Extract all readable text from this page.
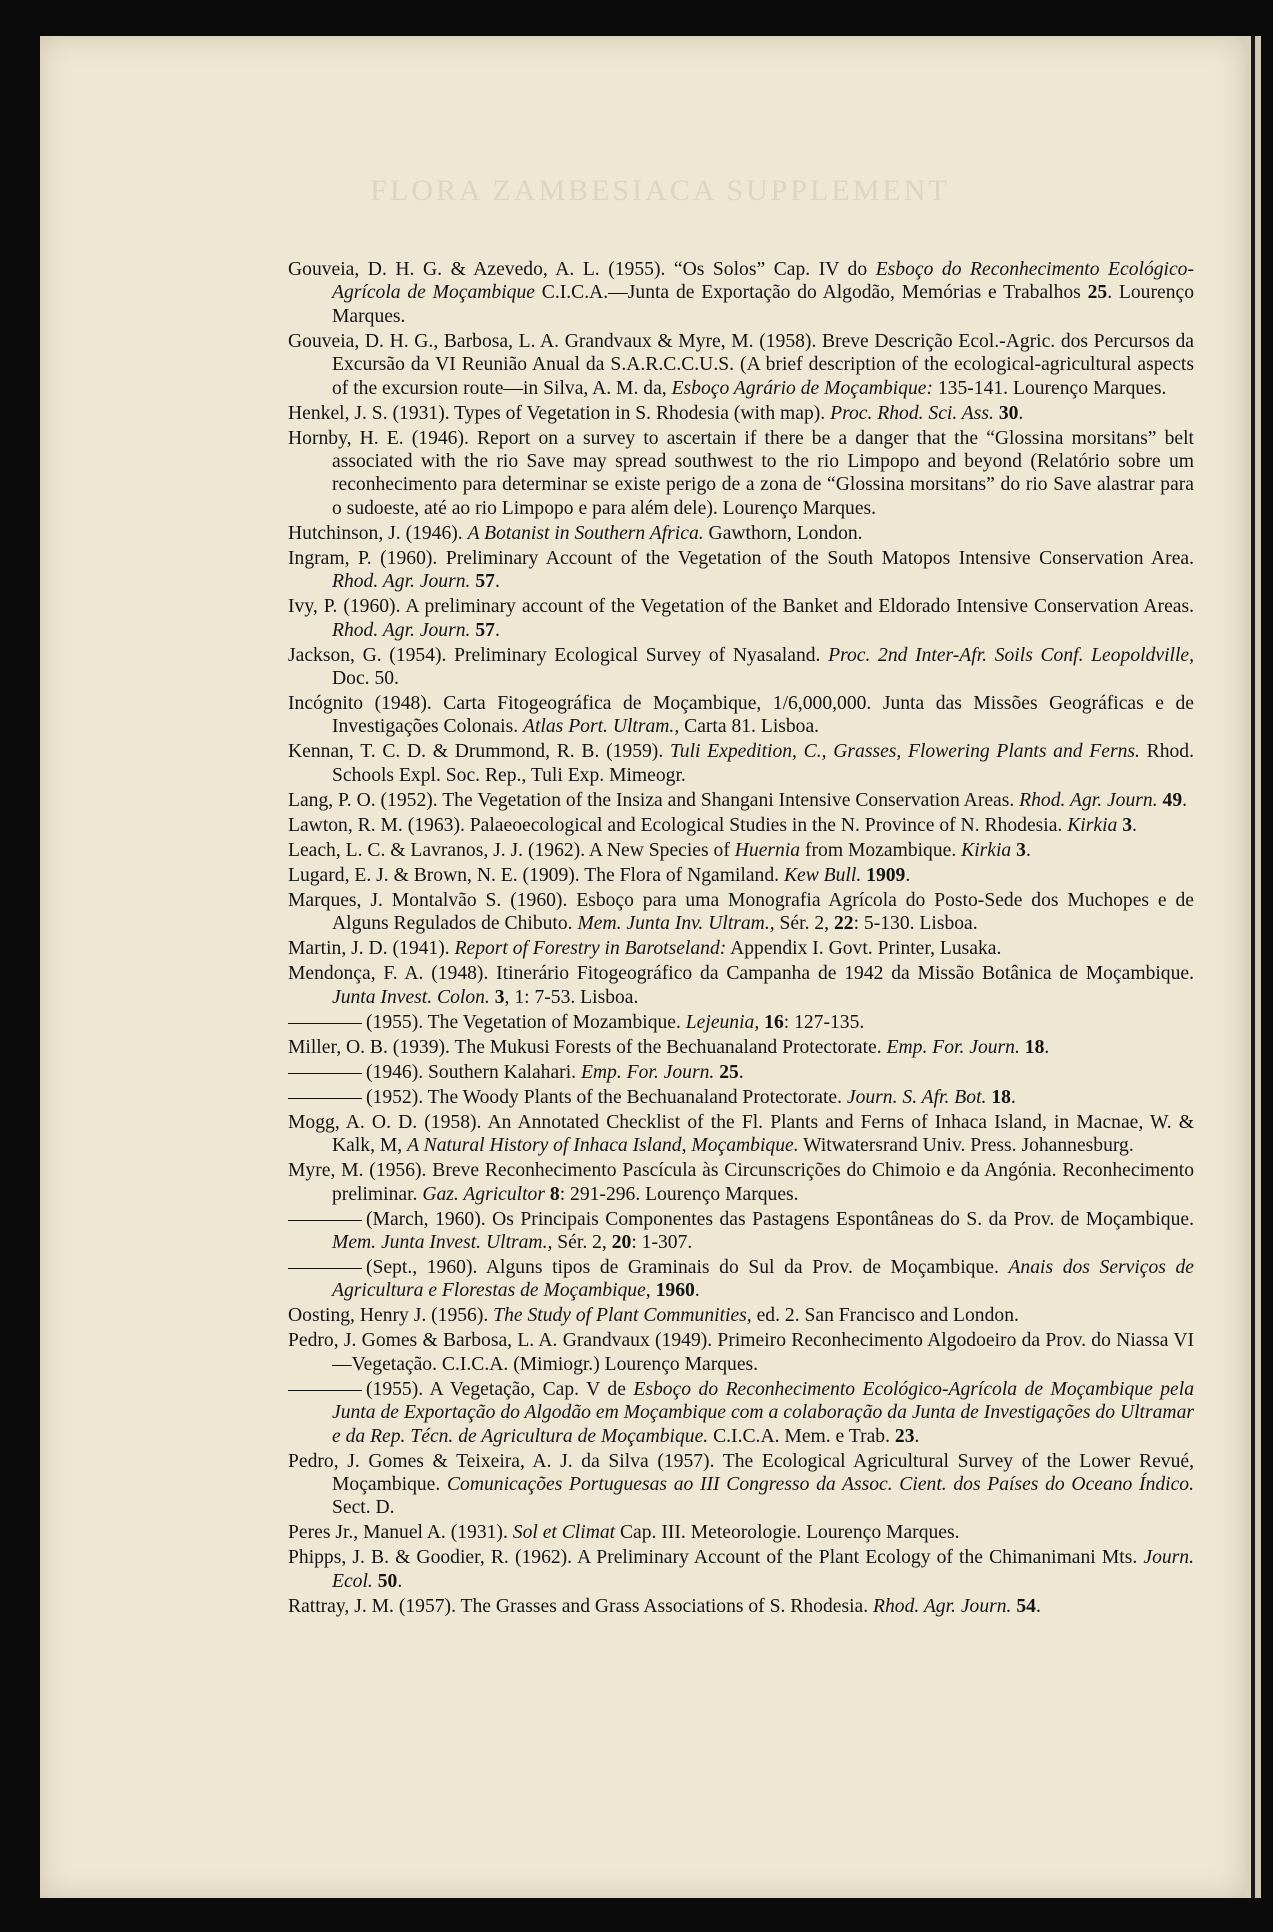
FLORA ZAMBESIACA SUPPLEMENT

Gouveia, D. H. G. & Azevedo, A. L. (1955). “Os Solos” Cap. IV do Esboço do Reconhecimento Ecológico-Agrícola de Moçambique C.I.C.A.—Junta de Exportação do Algodão, Memórias e Trabalhos 25. Lourenço Marques.

Gouveia, D. H. G., Barbosa, L. A. Grandvaux & Myre, M. (1958). Breve Descrição Ecol.-Agric. dos Percursos da Excursão da VI Reunião Anual da S.A.R.C.C.U.S. (A brief description of the ecological-agricultural aspects of the excursion route—in Silva, A. M. da, Esboço Agrário de Moçambique: 135-141. Lourenço Marques.

Henkel, J. S. (1931). Types of Vegetation in S. Rhodesia (with map). Proc. Rhod. Sci. Ass. 30.

Hornby, H. E. (1946). Report on a survey to ascertain if there be a danger that the “Glossina morsitans” belt associated with the rio Save may spread southwest to the rio Limpopo and beyond (Relatório sobre um reconhecimento para determinar se existe perigo de a zona de “Glossina morsitans” do rio Save alastrar para o sudoeste, até ao rio Limpopo e para além dele). Lourenço Marques.

Hutchinson, J. (1946). A Botanist in Southern Africa. Gawthorn, London.

Ingram, P. (1960). Preliminary Account of the Vegetation of the South Matopos Intensive Conservation Area. Rhod. Agr. Journ. 57.

Ivy, P. (1960). A preliminary account of the Vegetation of the Banket and Eldorado Intensive Conservation Areas. Rhod. Agr. Journ. 57.

Jackson, G. (1954). Preliminary Ecological Survey of Nyasaland. Proc. 2nd Inter-Afr. Soils Conf. Leopoldville, Doc. 50.

Incógnito (1948). Carta Fitogeográfica de Moçambique, 1/6,000,000. Junta das Missões Geográficas e de Investigações Colonais. Atlas Port. Ultram., Carta 81. Lisboa.

Kennan, T. C. D. & Drummond, R. B. (1959). Tuli Expedition, C., Grasses, Flowering Plants and Ferns. Rhod. Schools Expl. Soc. Rep., Tuli Exp. Mimeogr.

Lang, P. O. (1952). The Vegetation of the Insiza and Shangani Intensive Conservation Areas. Rhod. Agr. Journ. 49.

Lawton, R. M. (1963). Palaeoecological and Ecological Studies in the N. Province of N. Rhodesia. Kirkia 3.

Leach, L. C. & Lavranos, J. J. (1962). A New Species of Huernia from Mozambique. Kirkia 3.

Lugard, E. J. & Brown, N. E. (1909). The Flora of Ngamiland. Kew Bull. 1909.

Marques, J. Montalvão S. (1960). Esboço para uma Monografia Agrícola do Posto-Sede dos Muchopes e de Alguns Regulados de Chibuto. Mem. Junta Inv. Ultram., Sér. 2, 22: 5-130. Lisboa.

Martin, J. D. (1941). Report of Forestry in Barotseland: Appendix I. Govt. Printer, Lusaka.

Mendonça, F. A. (1948). Itinerário Fitogeográfico da Campanha de 1942 da Missão Botânica de Moçambique. Junta Invest. Colon. 3, 1: 7-53. Lisboa.

(1955). The Vegetation of Mozambique. Lejeunia, 16: 127-135.

Miller, O. B. (1939). The Mukusi Forests of the Bechuanaland Protectorate. Emp. For. Journ. 18.

(1946). Southern Kalahari. Emp. For. Journ. 25.

(1952). The Woody Plants of the Bechuanaland Protectorate. Journ. S. Afr. Bot. 18.

Mogg, A. O. D. (1958). An Annotated Checklist of the Fl. Plants and Ferns of Inhaca Island, in Macnae, W. & Kalk, M, A Natural History of Inhaca Island, Moçambique. Witwatersrand Univ. Press. Johannesburg.

Myre, M. (1956). Breve Reconhecimento Pascícula às Circunscrições do Chimoio e da Angónia. Reconhecimento preliminar. Gaz. Agricultor 8: 291-296. Lourenço Marques.

(March, 1960). Os Principais Componentes das Pastagens Espontâneas do S. da Prov. de Moçambique. Mem. Junta Invest. Ultram., Sér. 2, 20: 1-307.

(Sept., 1960). Alguns tipos de Graminais do Sul da Prov. de Moçambique. Anais dos Serviços de Agricultura e Florestas de Moçambique, 1960.

Oosting, Henry J. (1956). The Study of Plant Communities, ed. 2. San Francisco and London.

Pedro, J. Gomes & Barbosa, L. A. Grandvaux (1949). Primeiro Reconhecimento Algodoeiro da Prov. do Niassa VI—Vegetação. C.I.C.A. (Mimiogr.) Lourenço Marques.

(1955). A Vegetação, Cap. V de Esboço do Reconhecimento Ecológico-Agrícola de Moçambique pela Junta de Exportação do Algodão em Moçambique com a colaboração da Junta de Investigações do Ultramar e da Rep. Técn. de Agricultura de Moçambique. C.I.C.A. Mem. e Trab. 23.

Pedro, J. Gomes & Teixeira, A. J. da Silva (1957). The Ecological Agricultural Survey of the Lower Revué, Moçambique. Comunicações Portuguesas ao III Congresso da Assoc. Cient. dos Países do Oceano Índico. Sect. D.

Peres Jr., Manuel A. (1931). Sol et Climat Cap. III. Meteorologie. Lourenço Marques.

Phipps, J. B. & Goodier, R. (1962). A Preliminary Account of the Plant Ecology of the Chimanimani Mts. Journ. Ecol. 50.

Rattray, J. M. (1957). The Grasses and Grass Associations of S. Rhodesia. Rhod. Agr. Journ. 54.
